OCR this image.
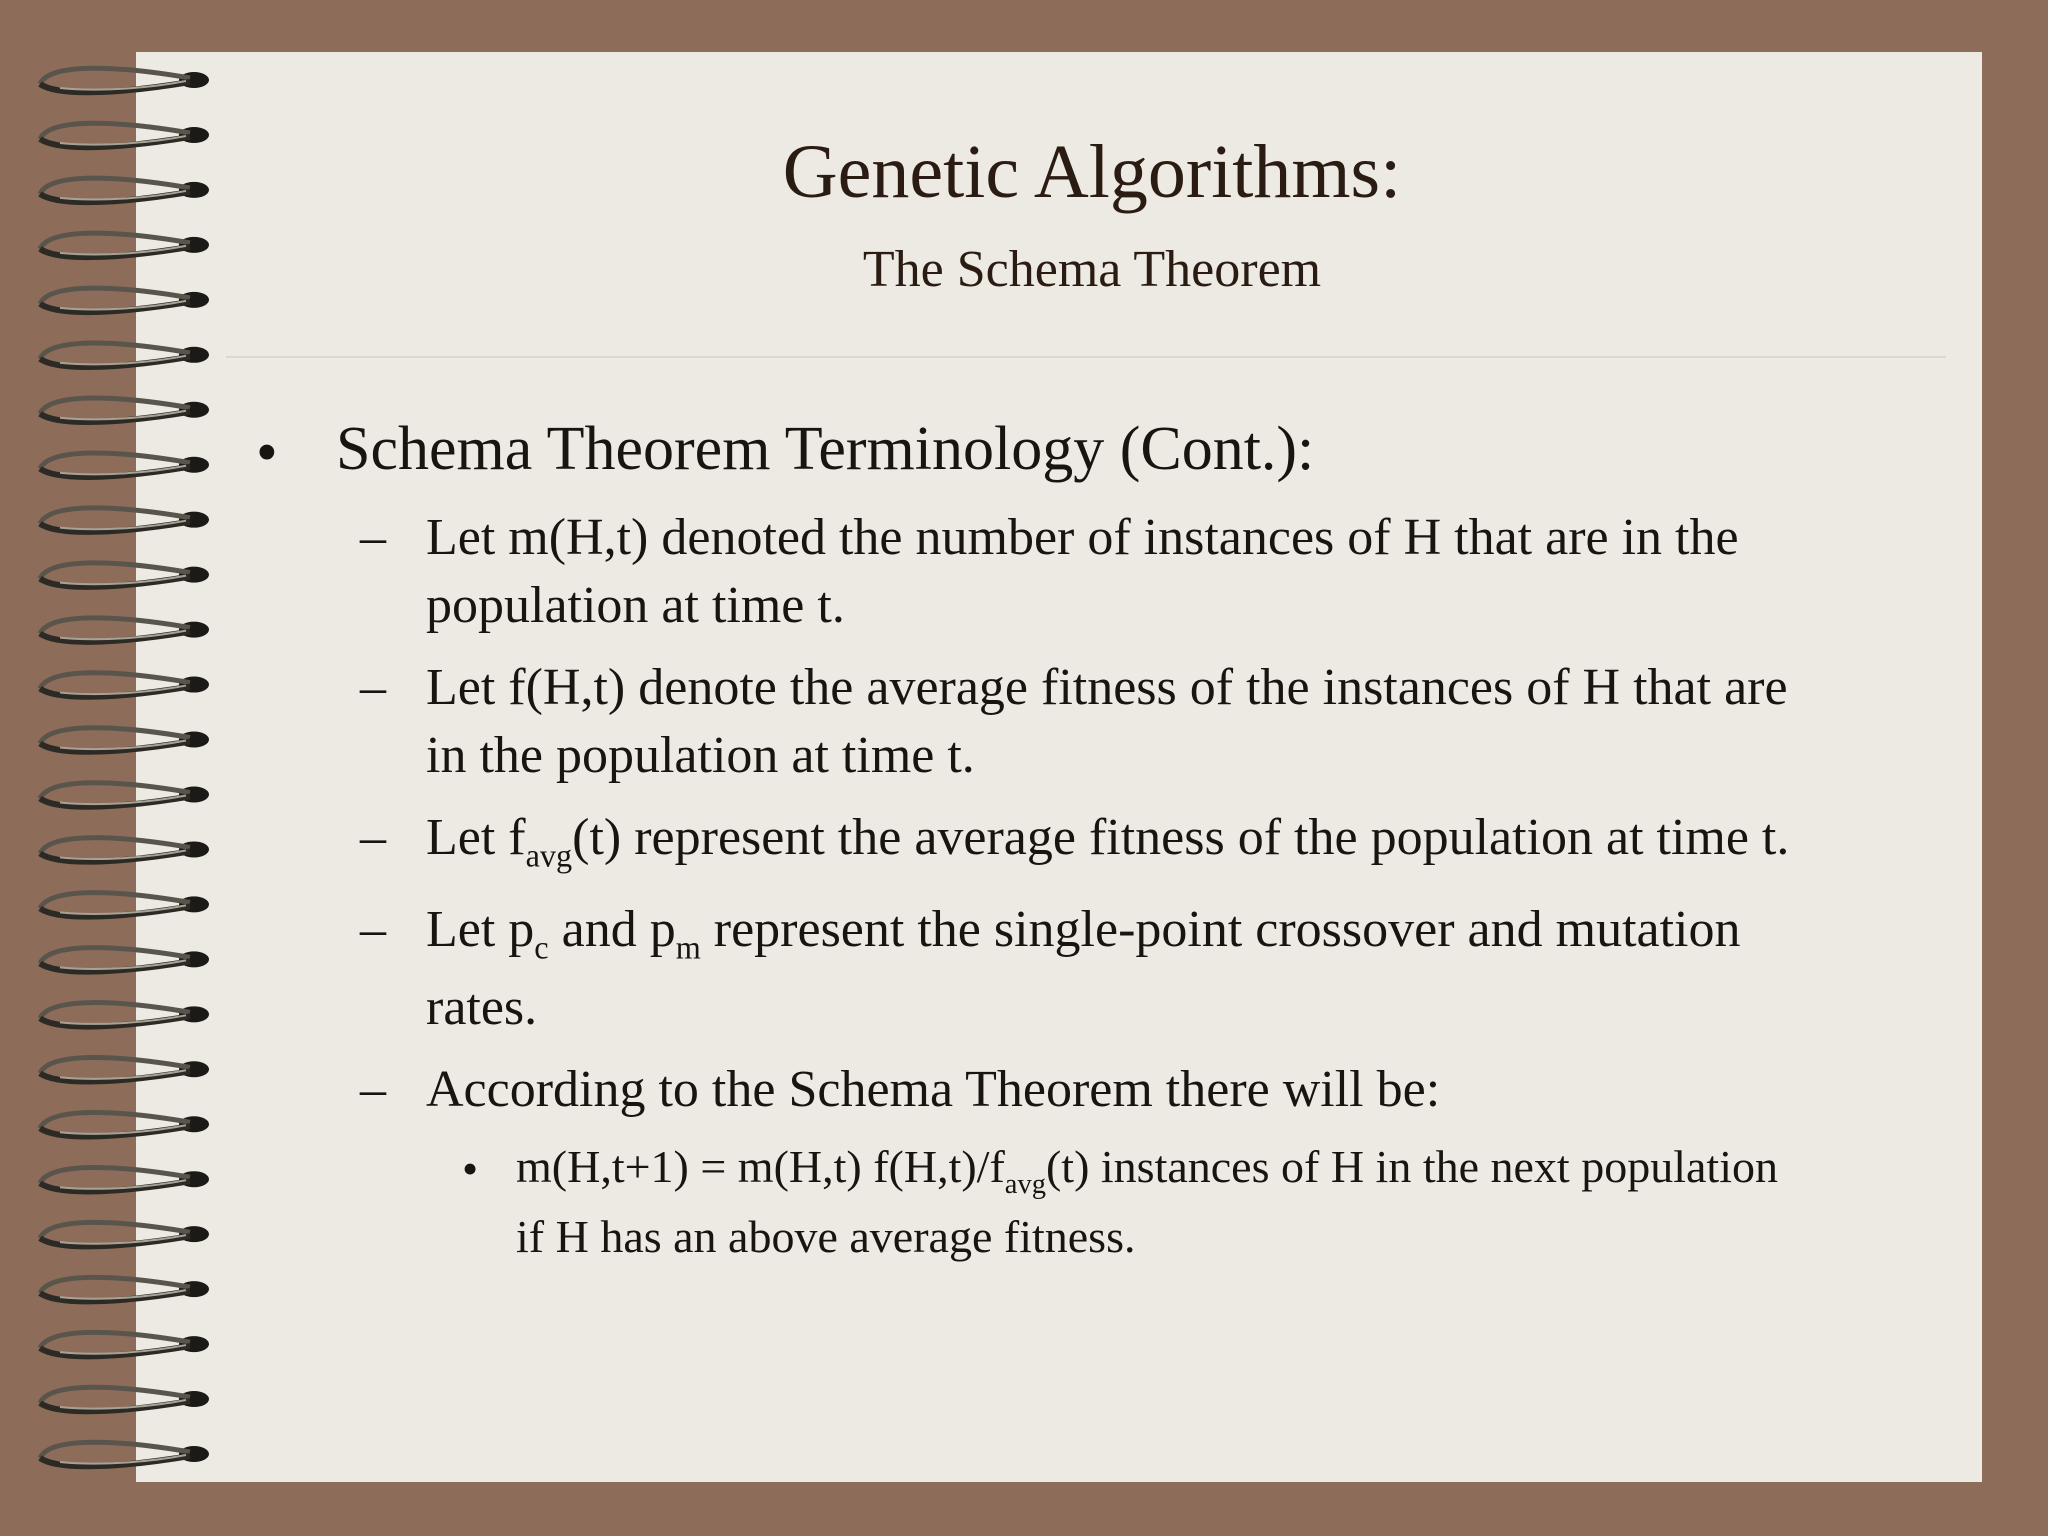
Genetic Algorithms:
The Schema Theorem
• Schema Theorem Terminology (Cont.):
– Let m(H,t) denoted the number of instances of H that are in the
population at time t.
– Let f(H,t) denote the average fitness of the instances of H that are
in the population at time t.
– Let $f_{avg}(t)$ represent the average fitness of the population at time t.
– Let $p_c$ and $p_m$ represent the single-point crossover and mutation
rates.
– According to the Schema Theorem there will be:
• m(H,t+1) = m(H,t) $f(H,t)/f_{avg}(t)$ instances of H in the next population
if H has an above average fitness.
